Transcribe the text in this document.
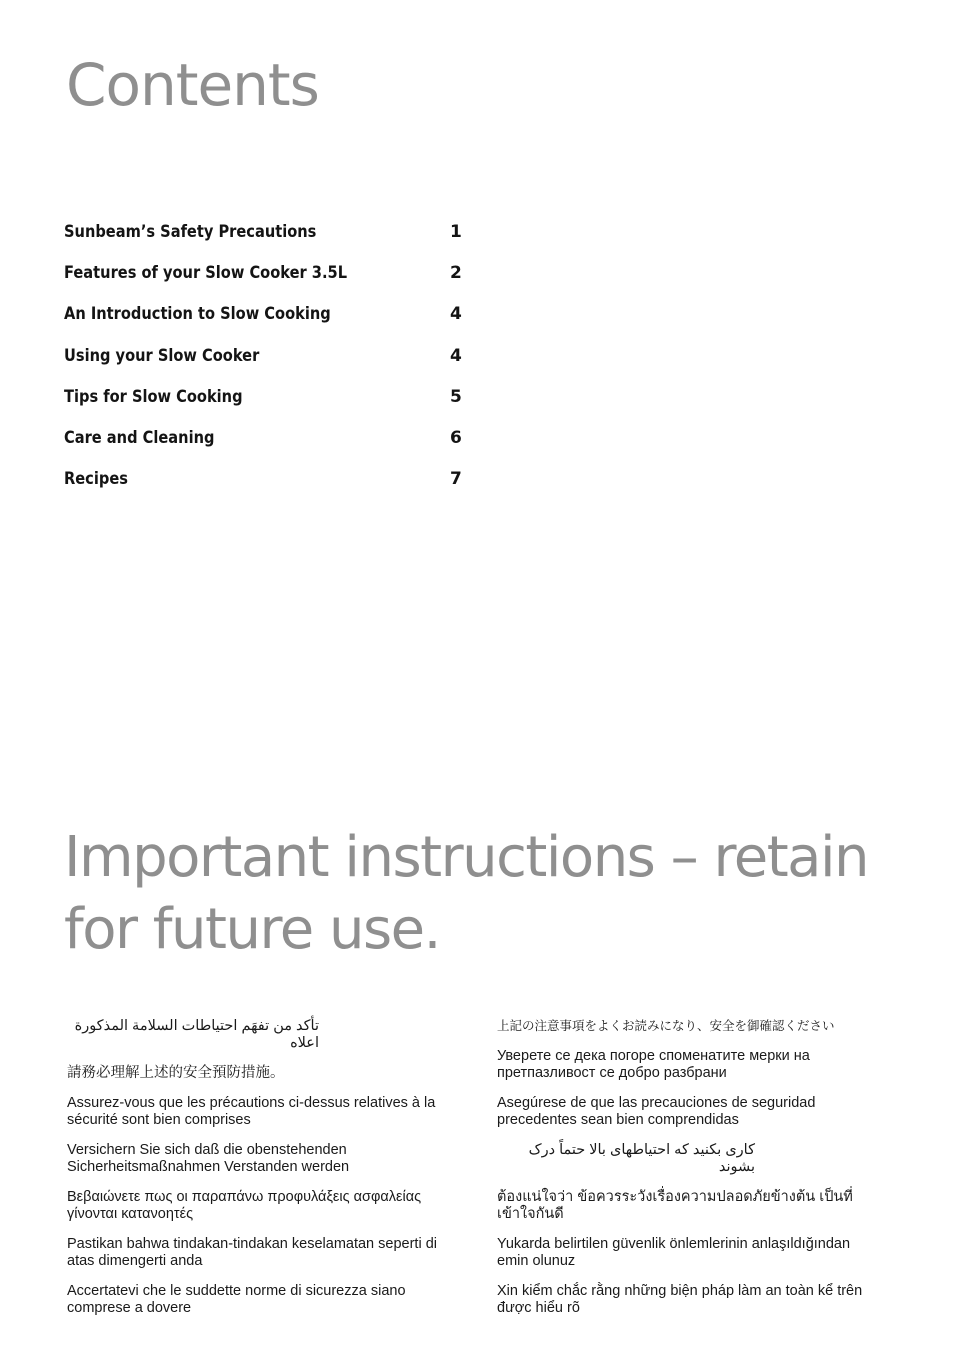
Contents
Sunbeam’s Safety Precautions	1
Features of your Slow Cooker 3.5L	2
An Introduction to Slow Cooking	4
Using your Slow Cooker	4
Tips for Slow Cooking	5
Care and Cleaning	6
Recipes	7
Important instructions – retain for future use.

تأكد من تفهَم احتياطات السلامة المذكورة اعلاه

請務必理解上述的安全預防措施。

Assurez-vous que les précautions ci-dessus relatives à la sécurité sont bien comprises

Versichern Sie sich daß die obenstehenden Sicherheitsmaßnahmen Verstanden werden

Βεβαιώνετε πως οι παραπάνω προφυλάξεις ασφαλείας γίνονται κατανοητές

Pastikan bahwa tindakan-tindakan keselamatan seperti di atas dimengerti anda

Accertatevi che le suddette norme di sicurezza siano comprese a dovere

上記の注意事項をよくお読みになり、安全を御確認ください

Уверете се дека погоре споменатите мерки на претпазливост се добро разбрани

Asegúrese de que las precauciones de seguridad precedentes sean bien comprendidas

کاری بکنید که احتیاطهای بالا حتماً درک بشوند

ต้องแน่ใจว่า ข้อควรระวังเรื่องความปลอดภัยข้างต้น เป็นที่เข้าใจกันดี

Yukarda belirtilen güvenlik önlemlerinin anlaşıldığından emin olunuz

Xin kiểm chắc rằng những biện pháp làm an toàn kể trên được hiểu rõ
